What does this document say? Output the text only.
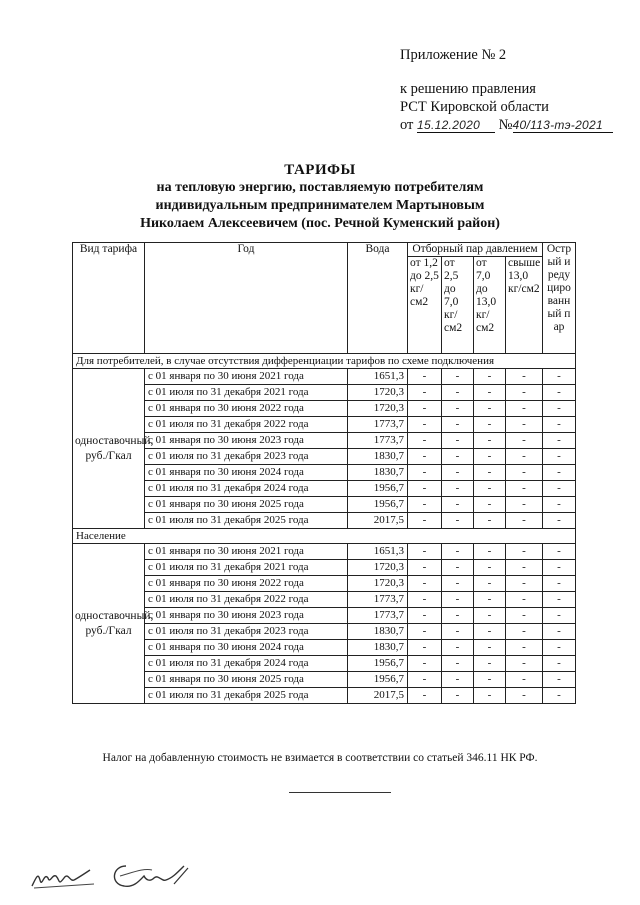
Приложение № 2
к решению правления
РСТ Кировской области
от 15.12.2020 №40/113-тэ-2021
ТАРИФЫ
на тепловую энергию, поставляемую потребителям
индивидуальным предпринимателем Мартыновым
Николаем Алексеевичем (пос. Речной Куменский район)
Вид тарифа	Год	Вода	Отборный пар давлением				Острый и редуцированный пар
			от 1,2 до 2,5 кг/см2	от 2,5 до 7,0 кг/см2	от 7,0 до 13,0 кг/см2	свыше 13,0 кг/см2	
Для потребителей, в случае отсутствия дифференциации тарифов по схеме подключения							
одноставочный, руб./Гкал	с 01 января по 30 июня 2021 года	1651,3	-	-	-	-	-
	с 01 июля по 31 декабря 2021 года	1720,3	-	-	-	-	-
	с 01 января по 30 июня 2022 года	1720,3	-	-	-	-	-
	с 01 июля по 31 декабря 2022 года	1773,7	-	-	-	-	-
	с 01 января по 30 июня 2023 года	1773,7	-	-	-	-	-
	с 01 июля по 31 декабря 2023 года	1830,7	-	-	-	-	-
	с 01 января по 30 июня 2024 года	1830,7	-	-	-	-	-
	с 01 июля по 31 декабря 2024 года	1956,7	-	-	-	-	-
	с 01 января по 30 июня 2025 года	1956,7	-	-	-	-	-
	с 01 июля по 31 декабря 2025 года	2017,5	-	-	-	-	-
Население							
одноставочный, руб./Гкал	с 01 января по 30 июня 2021 года	1651,3	-	-	-	-	-
	с 01 июля по 31 декабря 2021 года	1720,3	-	-	-	-	-
	с 01 января по 30 июня 2022 года	1720,3	-	-	-	-	-
	с 01 июля по 31 декабря 2022 года	1773,7	-	-	-	-	-
	с 01 января по 30 июня 2023 года	1773,7	-	-	-	-	-
	с 01 июля по 31 декабря 2023 года	1830,7	-	-	-	-	-
	с 01 января по 30 июня 2024 года	1830,7	-	-	-	-	-
	с 01 июля по 31 декабря 2024 года	1956,7	-	-	-	-	-
	с 01 января по 30 июня 2025 года	1956,7	-	-	-	-	-
	с 01 июля по 31 декабря 2025 года	2017,5	-	-	-	-	-
Налог на добавленную стоимость не взимается в соответствии со статьей 346.11 НК РФ.
